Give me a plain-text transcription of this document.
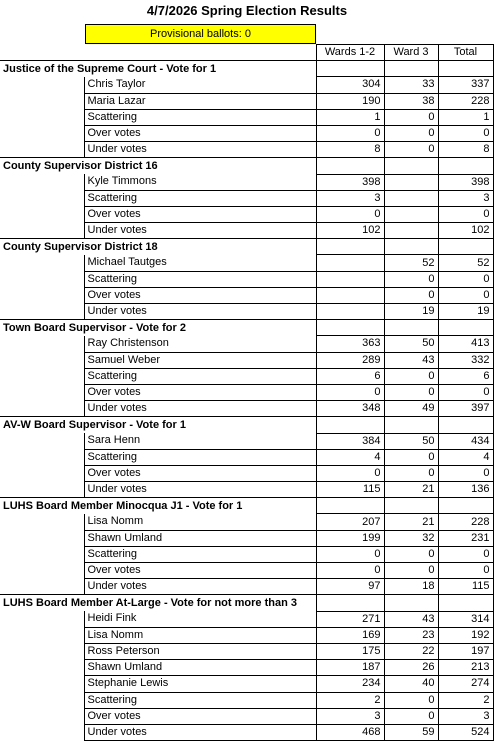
4/7/2026 Spring Election Results
Provisional ballots: 0
		Wards 1-2	Ward 3	Total
Justice of the Supreme Court - Vote for 1				
	Chris Taylor	304	33	337
	Maria Lazar	190	38	228
	Scattering	1	0	1
	Over votes	0	0	0
	Under votes	8	0	8
County Supervisor District 16				
	Kyle Timmons	398		398
	Scattering	3		3
	Over votes	0		0
	Under votes	102		102
County Supervisor District 18				
	Michael Tautges		52	52
	Scattering		0	0
	Over votes		0	0
	Under votes		19	19
Town Board Supervisor - Vote for 2				
	Ray Christenson	363	50	413
	Samuel Weber	289	43	332
	Scattering	6	0	6
	Over votes	0	0	0
	Under votes	348	49	397
AV-W Board Supervisor - Vote for 1				
	Sara Henn	384	50	434
	Scattering	4	0	4
	Over votes	0	0	0
	Under votes	115	21	136
LUHS Board Member Minocqua J1 - Vote for 1				
	Lisa Nomm	207	21	228
	Shawn Umland	199	32	231
	Scattering	0	0	0
	Over votes	0	0	0
	Under votes	97	18	115
LUHS Board Member At-Large - Vote for not more than 3				
	Heidi Fink	271	43	314
	Lisa Nomm	169	23	192
	Ross Peterson	175	22	197
	Shawn Umland	187	26	213
	Stephanie Lewis	234	40	274
	Scattering	2	0	2
	Over votes	3	0	3
	Under votes	468	59	524
